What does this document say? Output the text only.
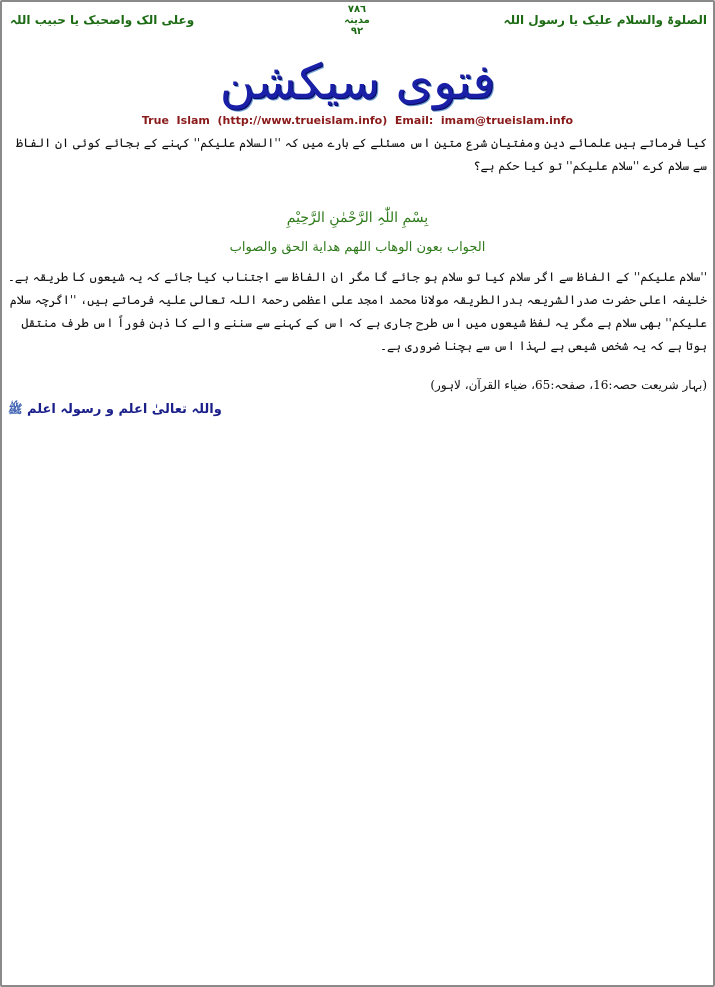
الصلوۃ والسلام علیک یا رسول اللہ
۷۸٦
مدینہ
۹۲
وعلی الک واصحبک یا حبیب اللہ
فتوی سیکشن
True  Islam  (http://www.trueislam.info)  Email:  imam@trueislam.info
کیا فرماتے ہیں علمائے دین ومفتیان شرع متین اس مسئلے کے بارے میں کہ ''السلام علیکم'' کہنے کے بجائے کوئی ان الفاظ سے سلام کرے ''سلام علیکم'' تو کیا حکم ہے؟
بِسْمِ اللّٰہِ الرَّحْمٰنِ الرَّحِیْمِ
الجواب بعون الوهاب اللهم هداية الحق والصواب
''سلام علیکم'' کے الفاظ سے اگر سلام کیا تو سلام ہو جائے گا مگر ان الفاظ سے اجتناب کیا جائے کہ یہ شیعوں کا طریقہ ہے۔ خلیفہ اعلی حضرت صدرالشریعہ بدرالطریقہ مولانا محمد امجد علی اعظمی رحمۃ اللہ تعالی علیہ فرماتے ہیں، ''اگرچہ سلام علیکم'' بھی سلام ہے مگر یہ لفظ شیعوں میں اس طرح جاری ہے کہ اس کے کہنے سے سننے والے کا ذہن فوراً اس طرف منتقل ہوتا ہے کہ یہ شخص شیعی ہے لہذا اس سے بچنا ضروری ہے۔
(بہار شریعت حصہ:16، صفحہ:65، ضیاء القرآن، لاہور)
واللہ تعالیٰ اعلم و رسولہ اعلم ﷺ
